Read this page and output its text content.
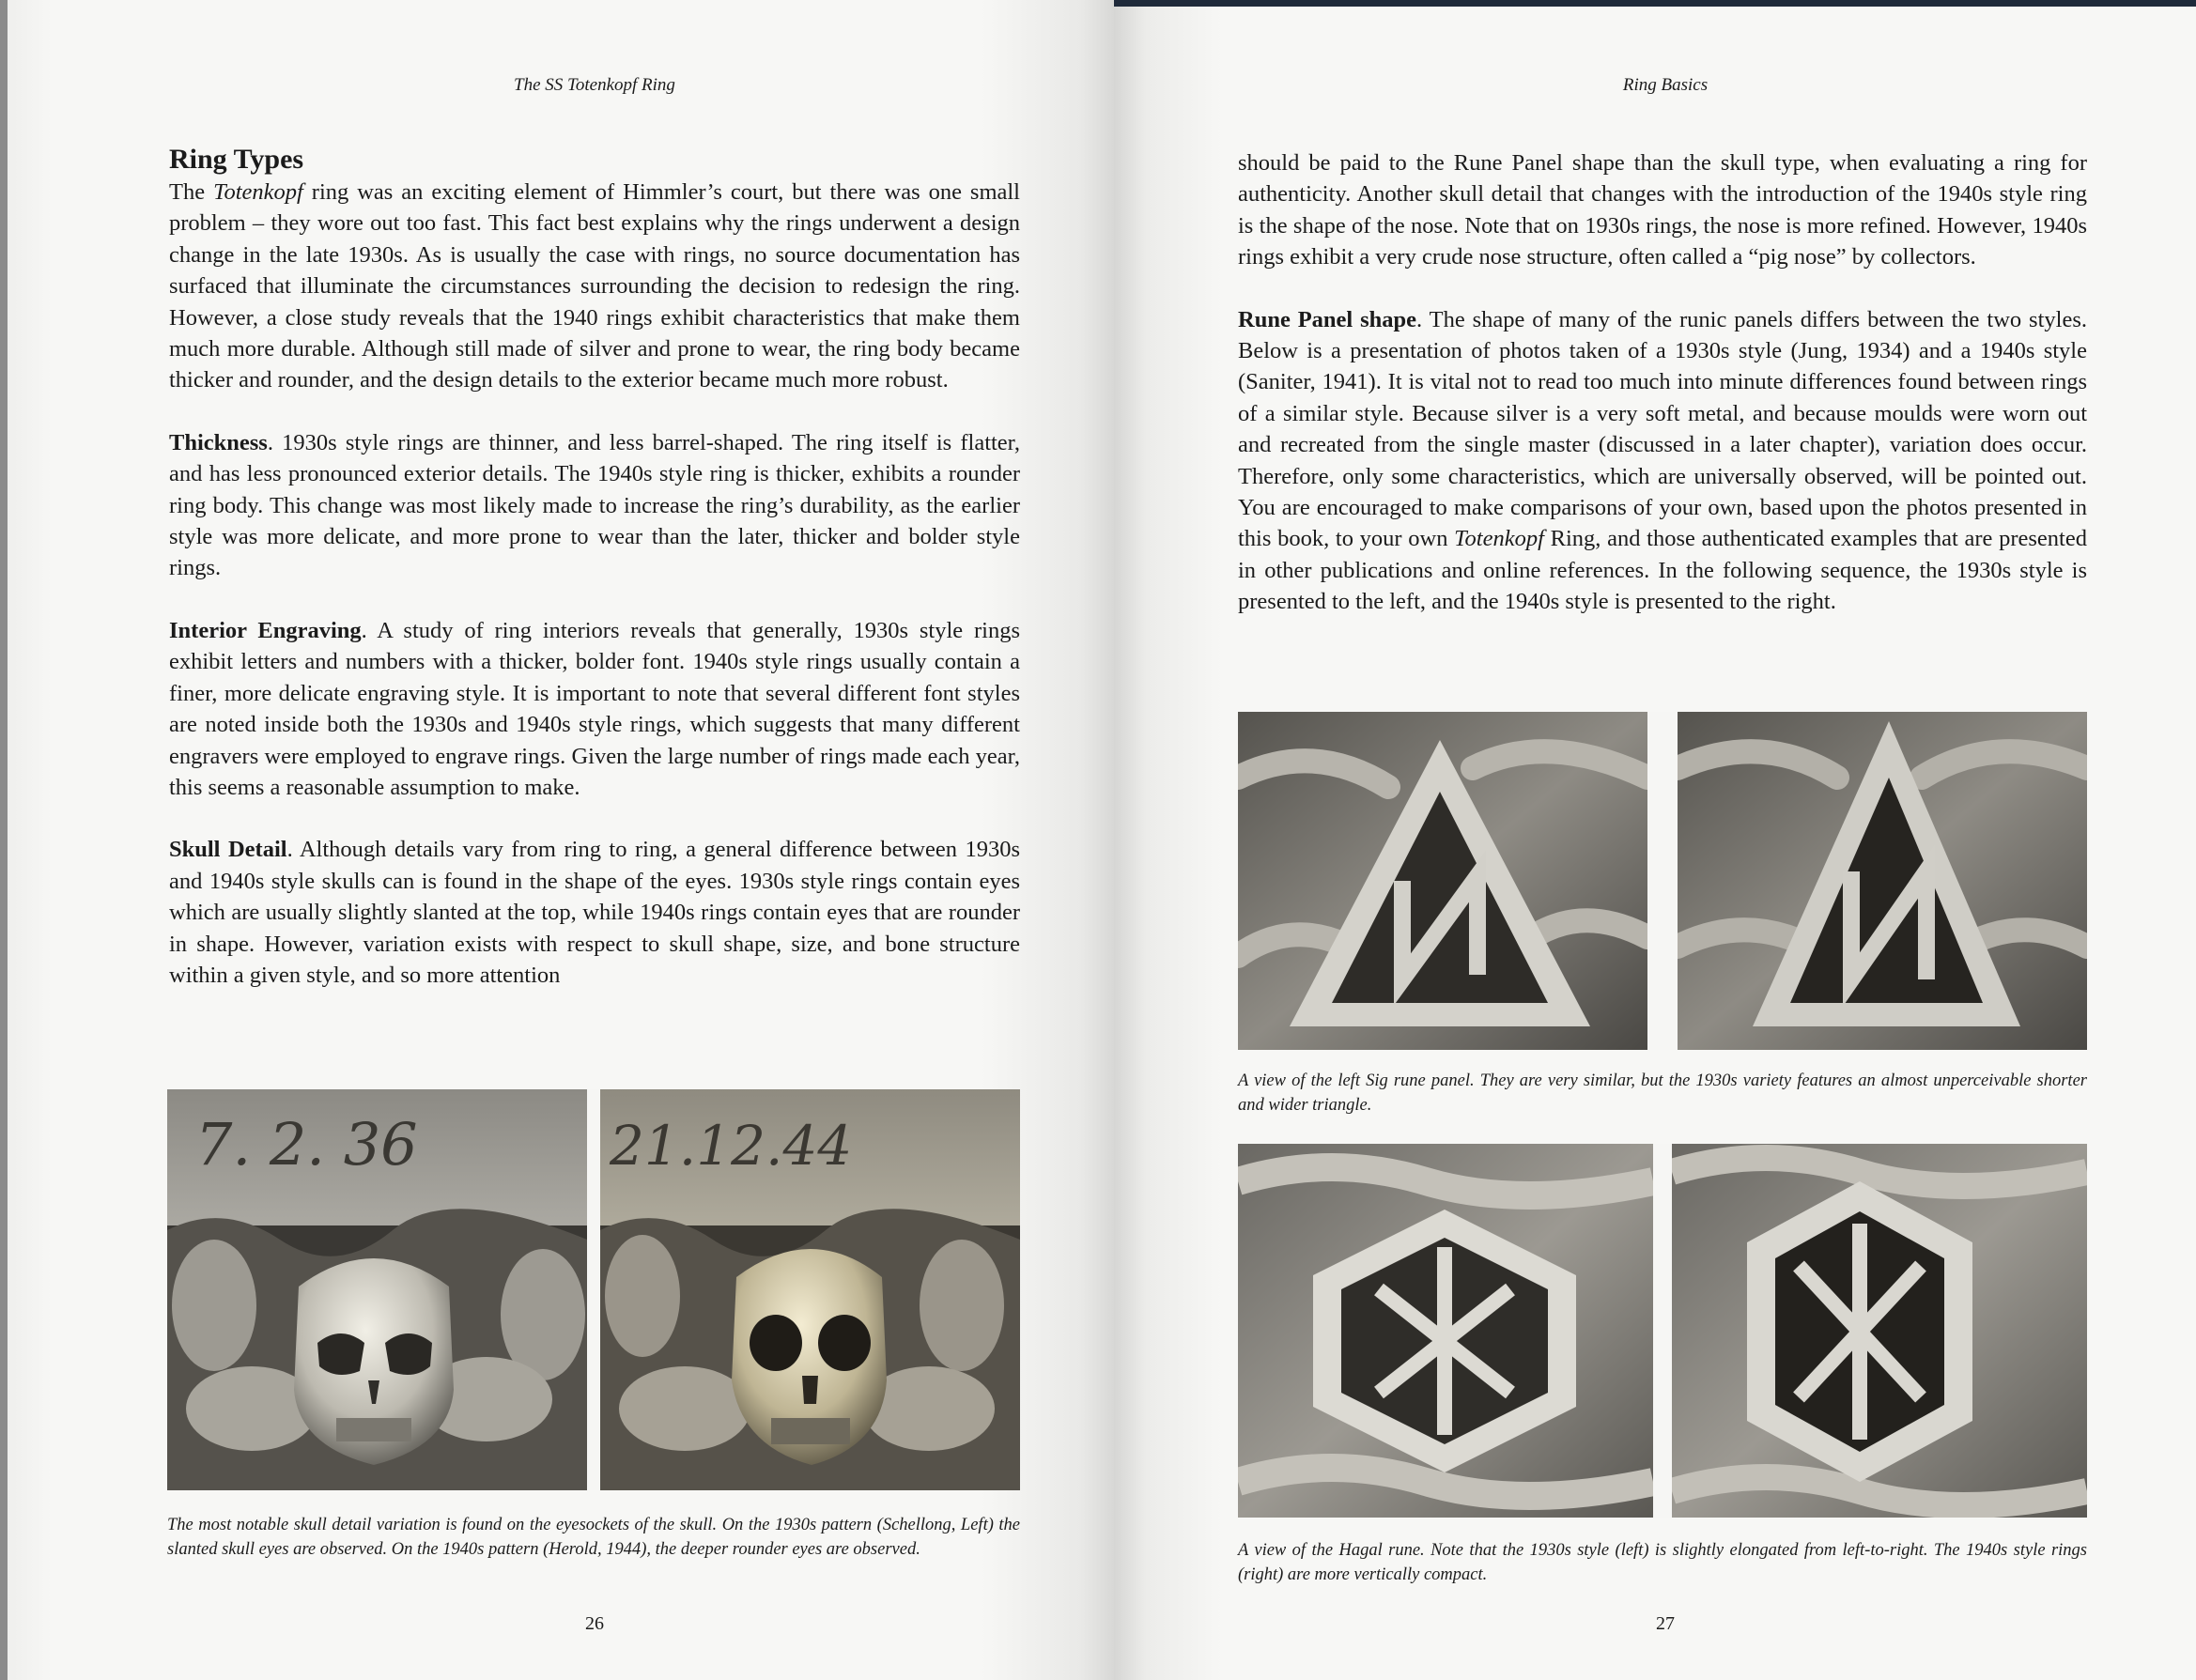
The SS Totenkopf Ring
Ring Types

The Totenkopf ring was an exciting element of Himmler’s court, but there was one small problem – they wore out too fast. This fact best explains why the rings underwent a design change in the late 1930s. As is usually the case with rings, no source documentation has surfaced that illuminate the circumstances surrounding the decision to redesign the ring. However, a close study reveals that the 1940 rings exhibit characteristics that make them much more durable. Although still made of silver and prone to wear, the ring body became thicker and rounder, and the design details to the exterior became much more robust.

Thickness. 1930s style rings are thinner, and less barrel-shaped. The ring itself is flatter, and has less pronounced exterior details. The 1940s style ring is thicker, exhibits a rounder ring body. This change was most likely made to increase the ring’s durability, as the earlier style was more delicate, and more prone to wear than the later, thicker and bolder style rings.

Interior Engraving. A study of ring interiors reveals that generally, 1930s style rings exhibit letters and numbers with a thicker, bolder font. 1940s style rings usually contain a finer, more delicate engraving style. It is important to note that several different font styles are noted inside both the 1930s and 1940s style rings, which suggests that many different engravers were employed to engrave rings. Given the large number of rings made each year, this seems a reasonable assumption to make.

Skull Detail. Although details vary from ring to ring, a general difference between 1930s and 1940s style skulls can is found in the shape of the eyes. 1930s style rings contain eyes which are usually slightly slanted at the top, while 1940s rings contain eyes that are rounder in shape. However, variation exists with respect to skull shape, size, and bone structure within a given style, and so more attention

7. 2. 36	21.12.44
The most notable skull detail variation is found on the eyesockets of the skull. On the 1930s pattern (Schellong, Left) the slanted skull eyes are observed. On the 1940s pattern (Herold, 1944), the deeper rounder eyes are observed.
26
Ring Basics

should be paid to the Rune Panel shape than the skull type, when evaluating a ring for authenticity. Another skull detail that changes with the introduction of the 1940s style ring is the shape of the nose. Note that on 1930s rings, the nose is more refined. However, 1940s rings exhibit a very crude nose structure, often called a “pig nose” by collectors.

Rune Panel shape. The shape of many of the runic panels differs between the two styles. Below is a presentation of photos taken of a 1930s style (Jung, 1934) and a 1940s style (Saniter, 1941). It is vital not to read too much into minute differences found between rings of a similar style. Because silver is a very soft metal, and because moulds were worn out and recreated from the single master (discussed in a later chapter), variation does occur. Therefore, only some characteristics, which are universally observed, will be pointed out. You are encouraged to make comparisons of your own, based upon the photos presented in this book, to your own Totenkopf Ring, and those authenticated examples that are presented in other publications and online references. In the following sequence, the 1930s style is presented to the left, and the 1940s style is presented to the right.

A view of the left Sig rune panel. They are very similar, but the 1930s variety features an almost unperceivable shorter and wider triangle.
A view of the Hagal rune. Note that the 1930s style (left) is slightly elongated from left-to-right. The 1940s style rings (right) are more vertically compact.
27
